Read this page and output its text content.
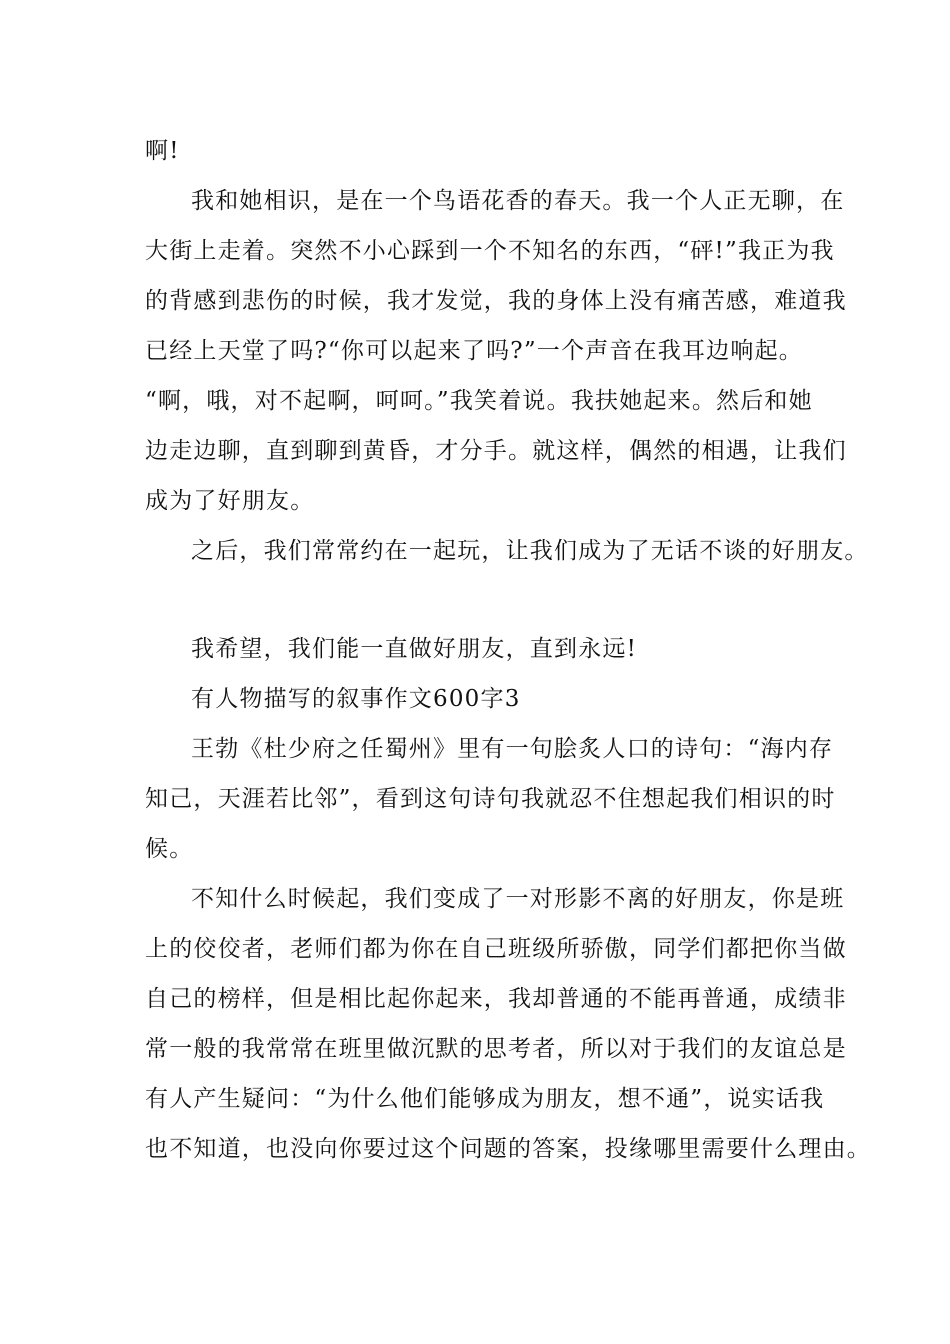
啊!

我和她相识，是在一个鸟语花香的春天。我一个人正无聊，在

大街上走着。突然不小心踩到一个不知名的东西，“砰!”我正为我

的背感到悲伤的时候，我才发觉，我的身体上没有痛苦感，难道我

已经上天堂了吗?“你可以起来了吗?”一个声音在我耳边响起。

“啊，哦，对不起啊，呵呵。”我笑着说。我扶她起来。然后和她

边走边聊，直到聊到黄昏，才分手。就这样，偶然的相遇，让我们

成为了好朋友。

之后，我们常常约在一起玩，让我们成为了无话不谈的好朋友。

我希望，我们能一直做好朋友，直到永远!

有人物描写的叙事作文600字3

王勃《杜少府之任蜀州》里有一句脍炙人口的诗句：“海内存

知己，天涯若比邻”，看到这句诗句我就忍不住想起我们相识的时

候。

不知什么时候起，我们变成了一对形影不离的好朋友，你是班

上的佼佼者，老师们都为你在自己班级所骄傲，同学们都把你当做

自己的榜样，但是相比起你起来，我却普通的不能再普通，成绩非

常一般的我常常在班里做沉默的思考者，所以对于我们的友谊总是

有人产生疑问：“为什么他们能够成为朋友，想不通”，说实话我

也不知道，也没向你要过这个问题的答案，投缘哪里需要什么理由。
